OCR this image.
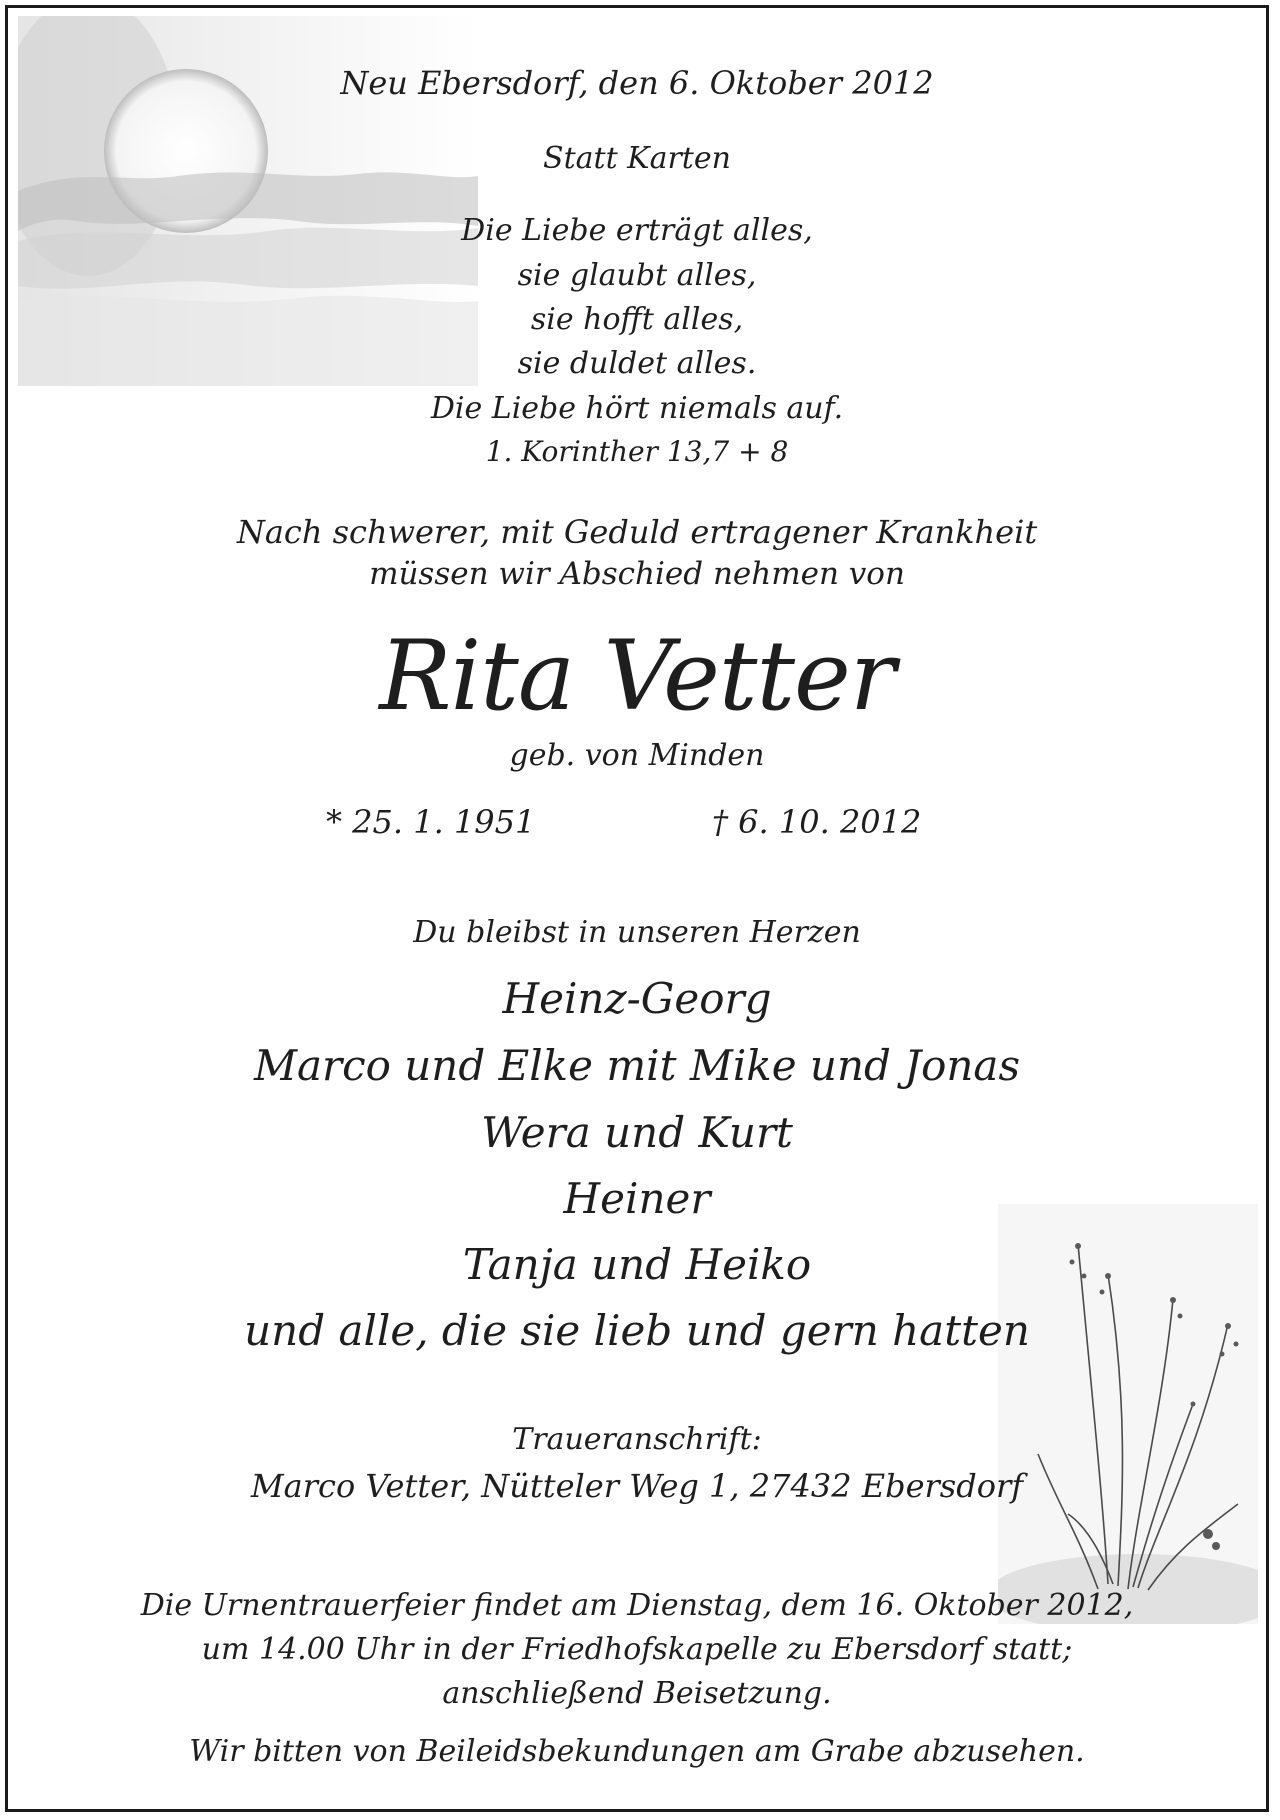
Neu Ebersdorf, den 6. Oktober 2012
Statt Karten
Die Liebe erträgt alles,
sie glaubt alles,
sie hofft alles,
sie duldet alles.
Die Liebe hört niemals auf.
1. Korinther 13,7 + 8
Nach schwerer, mit Geduld ertragener Krankheit
müssen wir Abschied nehmen von
Rita Vetter
geb. von Minden
* 25. 1. 1951	† 6. 10. 2012
Du bleibst in unseren Herzen
Heinz-Georg
Marco und Elke mit Mike und Jonas
Wera und Kurt
Heiner
Tanja und Heiko
und alle, die sie lieb und gern hatten
Traueranschrift:
Marco Vetter, Nütteler Weg 1, 27432 Ebersdorf
Die Urnentrauerfeier findet am Dienstag, dem 16. Oktober 2012,
um 14.00 Uhr in der Friedhofskapelle zu Ebersdorf statt;
anschließend Beisetzung.
Wir bitten von Beileidsbekundungen am Grabe abzusehen.
